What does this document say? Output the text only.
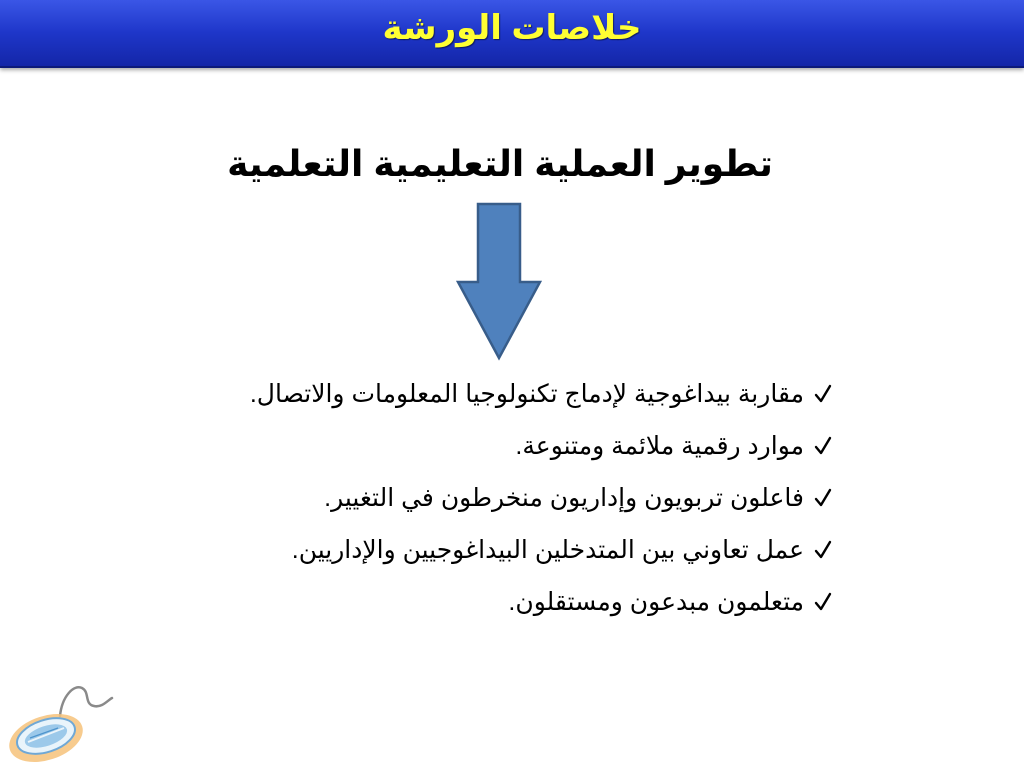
خلاصات الورشة
تطوير العملية التعليمية التعلمية
مقاربة بيداغوجية لإدماج تكنولوجيا المعلومات والاتصال.
موارد رقمية ملائمة ومتنوعة.
فاعلون تربويون وإداريون منخرطون في التغيير.
عمل تعاوني بين المتدخلين البيداغوجيين والإداريين.
متعلمون مبدعون ومستقلون.
